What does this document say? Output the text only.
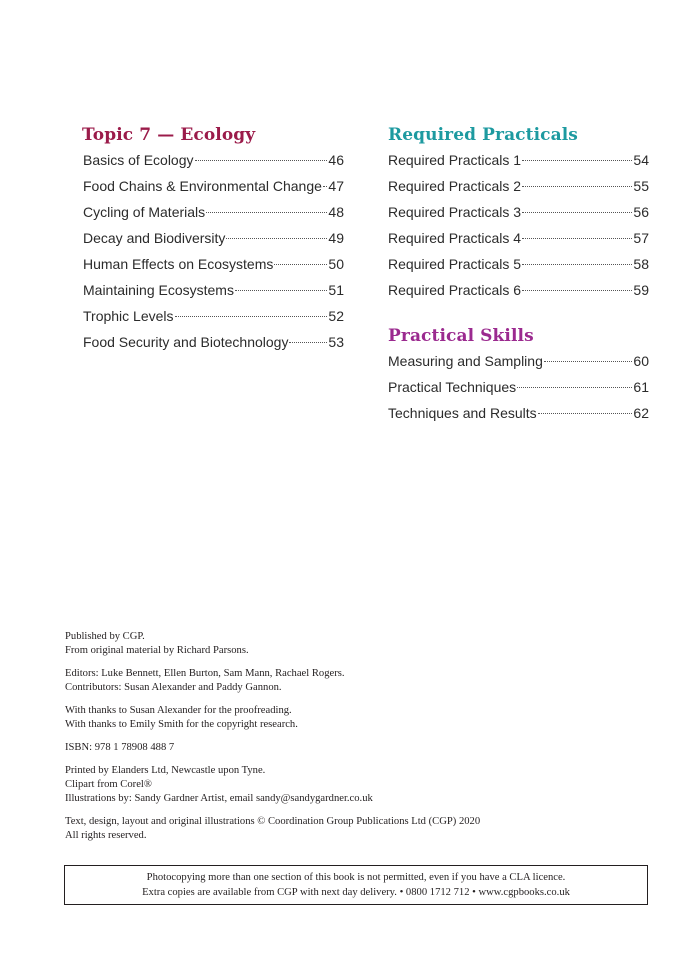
Topic 7 — Ecology
Basics of Ecology	46
Food Chains & Environmental Change 47
Cycling of Materials	48
Decay and Biodiversity	49
Human Effects on Ecosystems	50
Maintaining Ecosystems	51
Trophic Levels	52
Food Security and Biotechnology	53
Required Practicals
Required Practicals 1	54
Required Practicals 2	55
Required Practicals 3	56
Required Practicals 4	57
Required Practicals 5	58
Required Practicals 6	59
Practical Skills
Measuring and Sampling	60
Practical Techniques	61
Techniques and Results	62
Published by CGP.
From original material by Richard Parsons.
Editors: Luke Bennett, Ellen Burton, Sam Mann, Rachael Rogers.
Contributors: Susan Alexander and Paddy Gannon.
With thanks to Susan Alexander for the proofreading.
With thanks to Emily Smith for the copyright research.
ISBN: 978 1 78908 488 7
Printed by Elanders Ltd, Newcastle upon Tyne.
Clipart from Corel®
Illustrations by: Sandy Gardner Artist, email sandy@sandygardner.co.uk
Text, design, layout and original illustrations © Coordination Group Publications Ltd (CGP) 2020
All rights reserved.
Photocopying more than one section of this book is not permitted, even if you have a CLA licence.
Extra copies are available from CGP with next day delivery. • 0800 1712 712 • www.cgpbooks.co.uk
